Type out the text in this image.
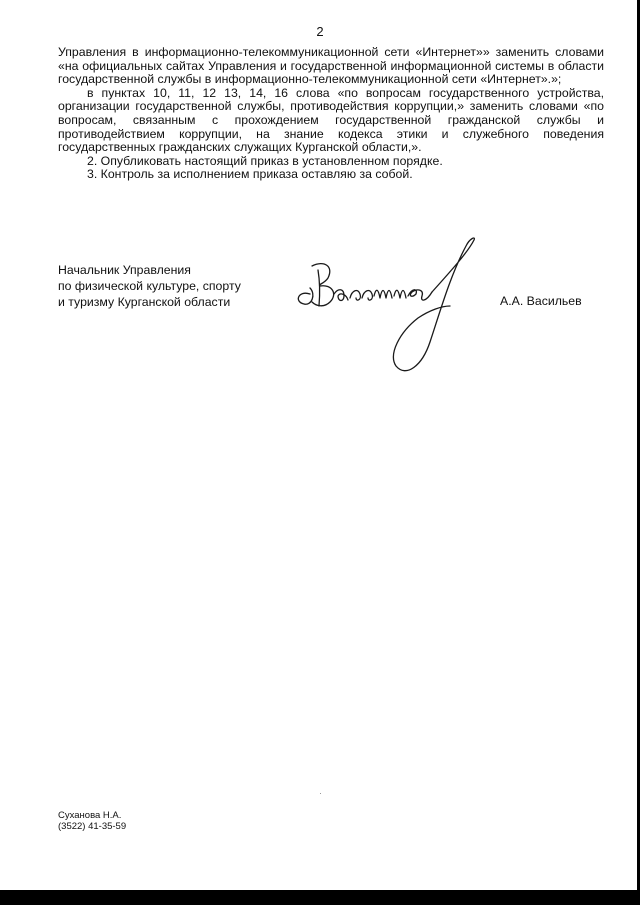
2

Управления в информационно-телекоммуникационной сети «Интернет»» заменить словами «на официальных сайтах Управления и государственной информационной системы в области государственной службы в информационно-телекоммуникационной сети «Интернет».»;

в пунктах 10, 11, 12 13, 14, 16 слова «по вопросам государственного устройства, организации государственной службы, противодействия коррупции,» заменить словами «по вопросам, связанным с прохождением государственной гражданской службы и противодействием коррупции, на знание кодекса этики и служебного поведения государственных гражданских служащих Курганской области,».

2. Опубликовать настоящий приказ в установленном порядке.

3. Контроль за исполнением приказа оставляю за собой.

Начальник Управления
по физической культуре, спорту
и туризму Курганской области	А.А. Васильев
Суханова Н.А.
(3522) 41-35-59
